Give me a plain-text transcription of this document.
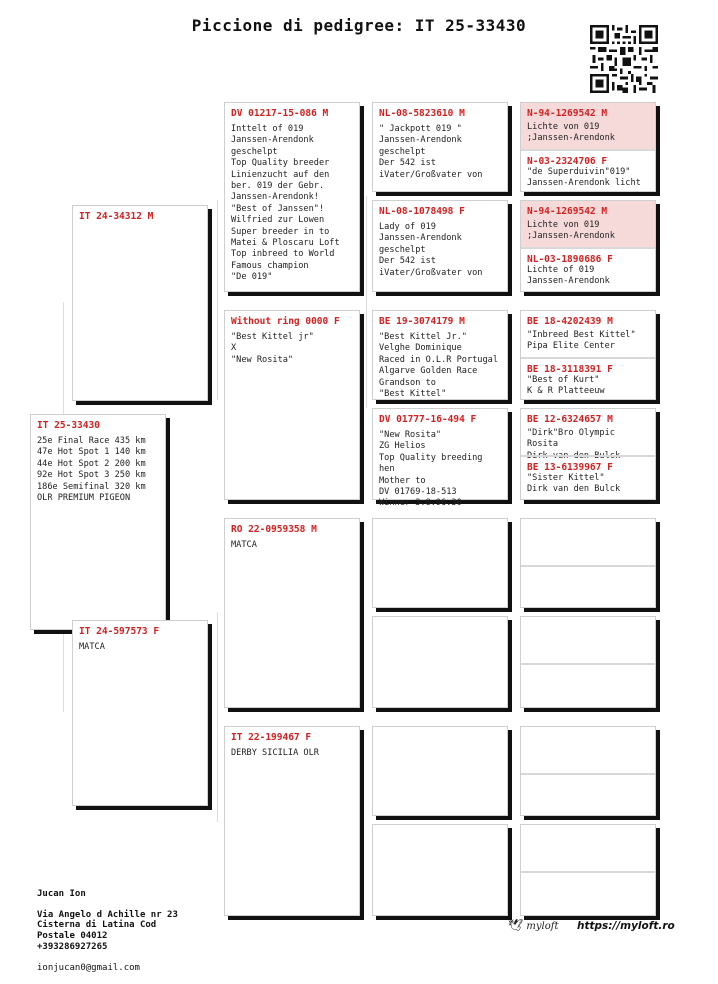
Piccione di pedigree: IT 25-33430
IT 25-33430
25e Final Race 435 km
47e Hot Spot 1 140 km
44e Hot Spot 2 200 km
92e Hot Spot 3 250 km
186e Semifinal 320 km
OLR PREMIUM PIGEON
IT 24-34312 M
IT 24-597573 F
MATCA
DV 01217-15-086 M
Inttelt of 019
Janssen-Arendonk
geschelpt
Top Quality breeder
Linienzucht auf den
ber. 019 der Gebr.
Janssen-Arendonk!
"Best of Janssen"!
Wilfried zur Lowen
Super breeder in to
Matei & Ploscaru Loft
Top inbreed to World
Famous champion
"De 019"
Without ring 0000 F
"Best Kittel jr"
X
"New Rosita"
RO 22-0959358 M
MATCA
IT 22-199467 F
DERBY SICILIA OLR
NL-08-5823610 M
" Jackpott 019 "
Janssen-Arendonk
geschelpt
Der 542 ist
iVater/Großvater von
NL-08-1078498 F
Lady of 019
Janssen-Arendonk
geschelpt
Der 542 ist
iVater/Großvater von
BE 19-3074179 M
"Best Kittel Jr."
Velghe Dominique
Raced in O.L.R Portugal
Algarve Golden Race
Grandson to
"Best Kittel"
DV 01777-16-494 F
"New Rosita"
ZG Helios
Top Quality breeding hen
Mother to
DV 01769-18-513
Winner 3.8.96.30
N-94-1269542 M
Lichte von 019
;Janssen-Arendonk
N-03-2324706 F
"de Superduivin"019"
Janssen-Arendonk licht
N-94-1269542 M
Lichte von 019
;Janssen-Arendonk
NL-03-1890686 F
Lichte of 019
Janssen-Arendonk
BE 18-4202439 M
"Inbreed Best Kittel"
Pipa Elite Center
BE 18-3118391 F
"Best of Kurt"
K & R Platteeuw
BE 12-6324657 M
"Dirk"Bro Olympic Rosita

BE 13-6139967 F
"Sister Kittel"
Dirk van den Bulck

Jucan Ion

Via Angelo d Achille nr 23
Cisterna di Latina Cod
Postale 04012
+393286927265

ionjucan0@gmail.com

🕊 myloft https://myloft.ro
